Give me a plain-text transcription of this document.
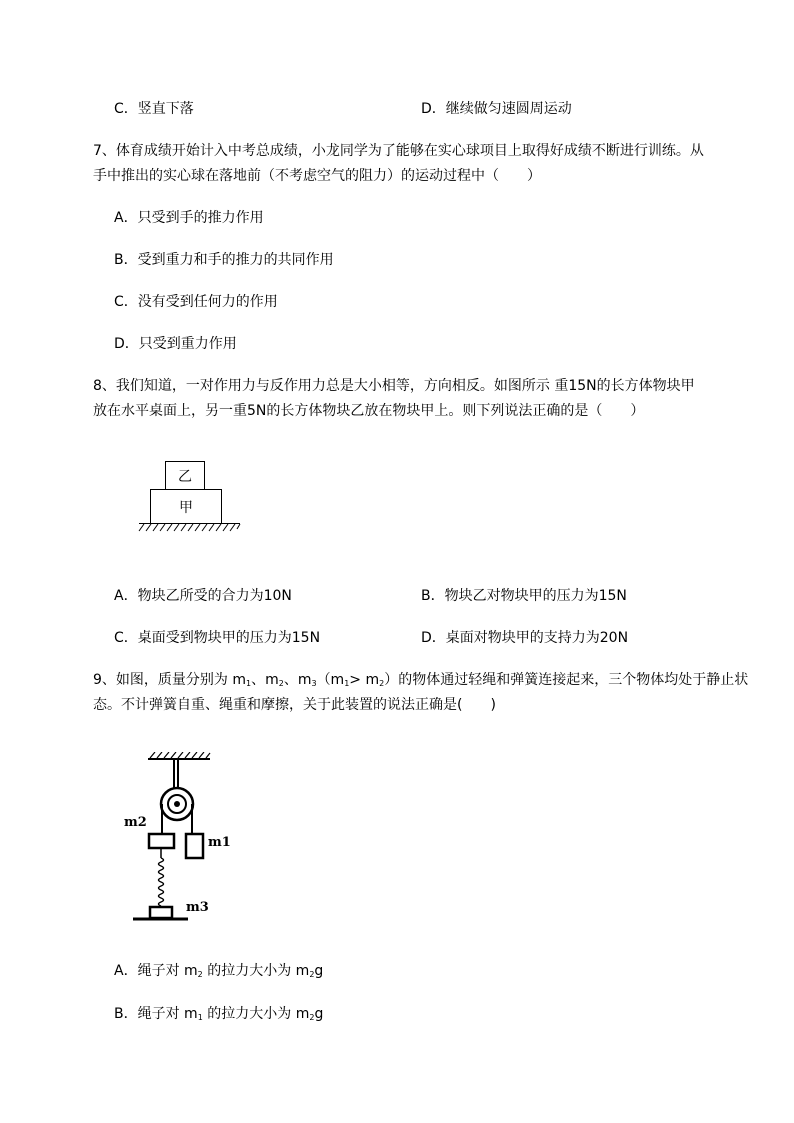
C．竖直下落	D．继续做匀速圆周运动
7、体育成绩开始计入中考总成绩，小龙同学为了能够在实心球项目上取得好成绩不断进行训练。从
手中推出的实心球在落地前（不考虑空气的阻力）的运动过程中（　　）
A．只受到手的推力作用
B．受到重力和手的推力的共同作用
C．没有受到任何力的作用
D．只受到重力作用
8、我们知道，一对作用力与反作用力总是大小相等，方向相反。如图所示 重15N的长方体物块甲
放在水平桌面上，另一重5N的长方体物块乙放在物块甲上。则下列说法正确的是（　　）
乙
甲
A．物块乙所受的合力为10N	B．物块乙对物块甲的压力为15N
C．桌面受到物块甲的压力为15N	D．桌面对物块甲的支持力为20N
9、如图，质量分别为 $m_1$、$m_2$、$m_3(m_1> m_2)$的物体通过轻绳和弹簧连接起来，三个物体均处于静止状
态。不计弹簧自重、绳重和摩擦，关于此装置的说法正确是(　　)
m2
m1
m3
A．绳子对 $m_2$ 的拉力大小为 $m_2g$
B．绳子对 $m_1$ 的拉力大小为 $m_2g$
